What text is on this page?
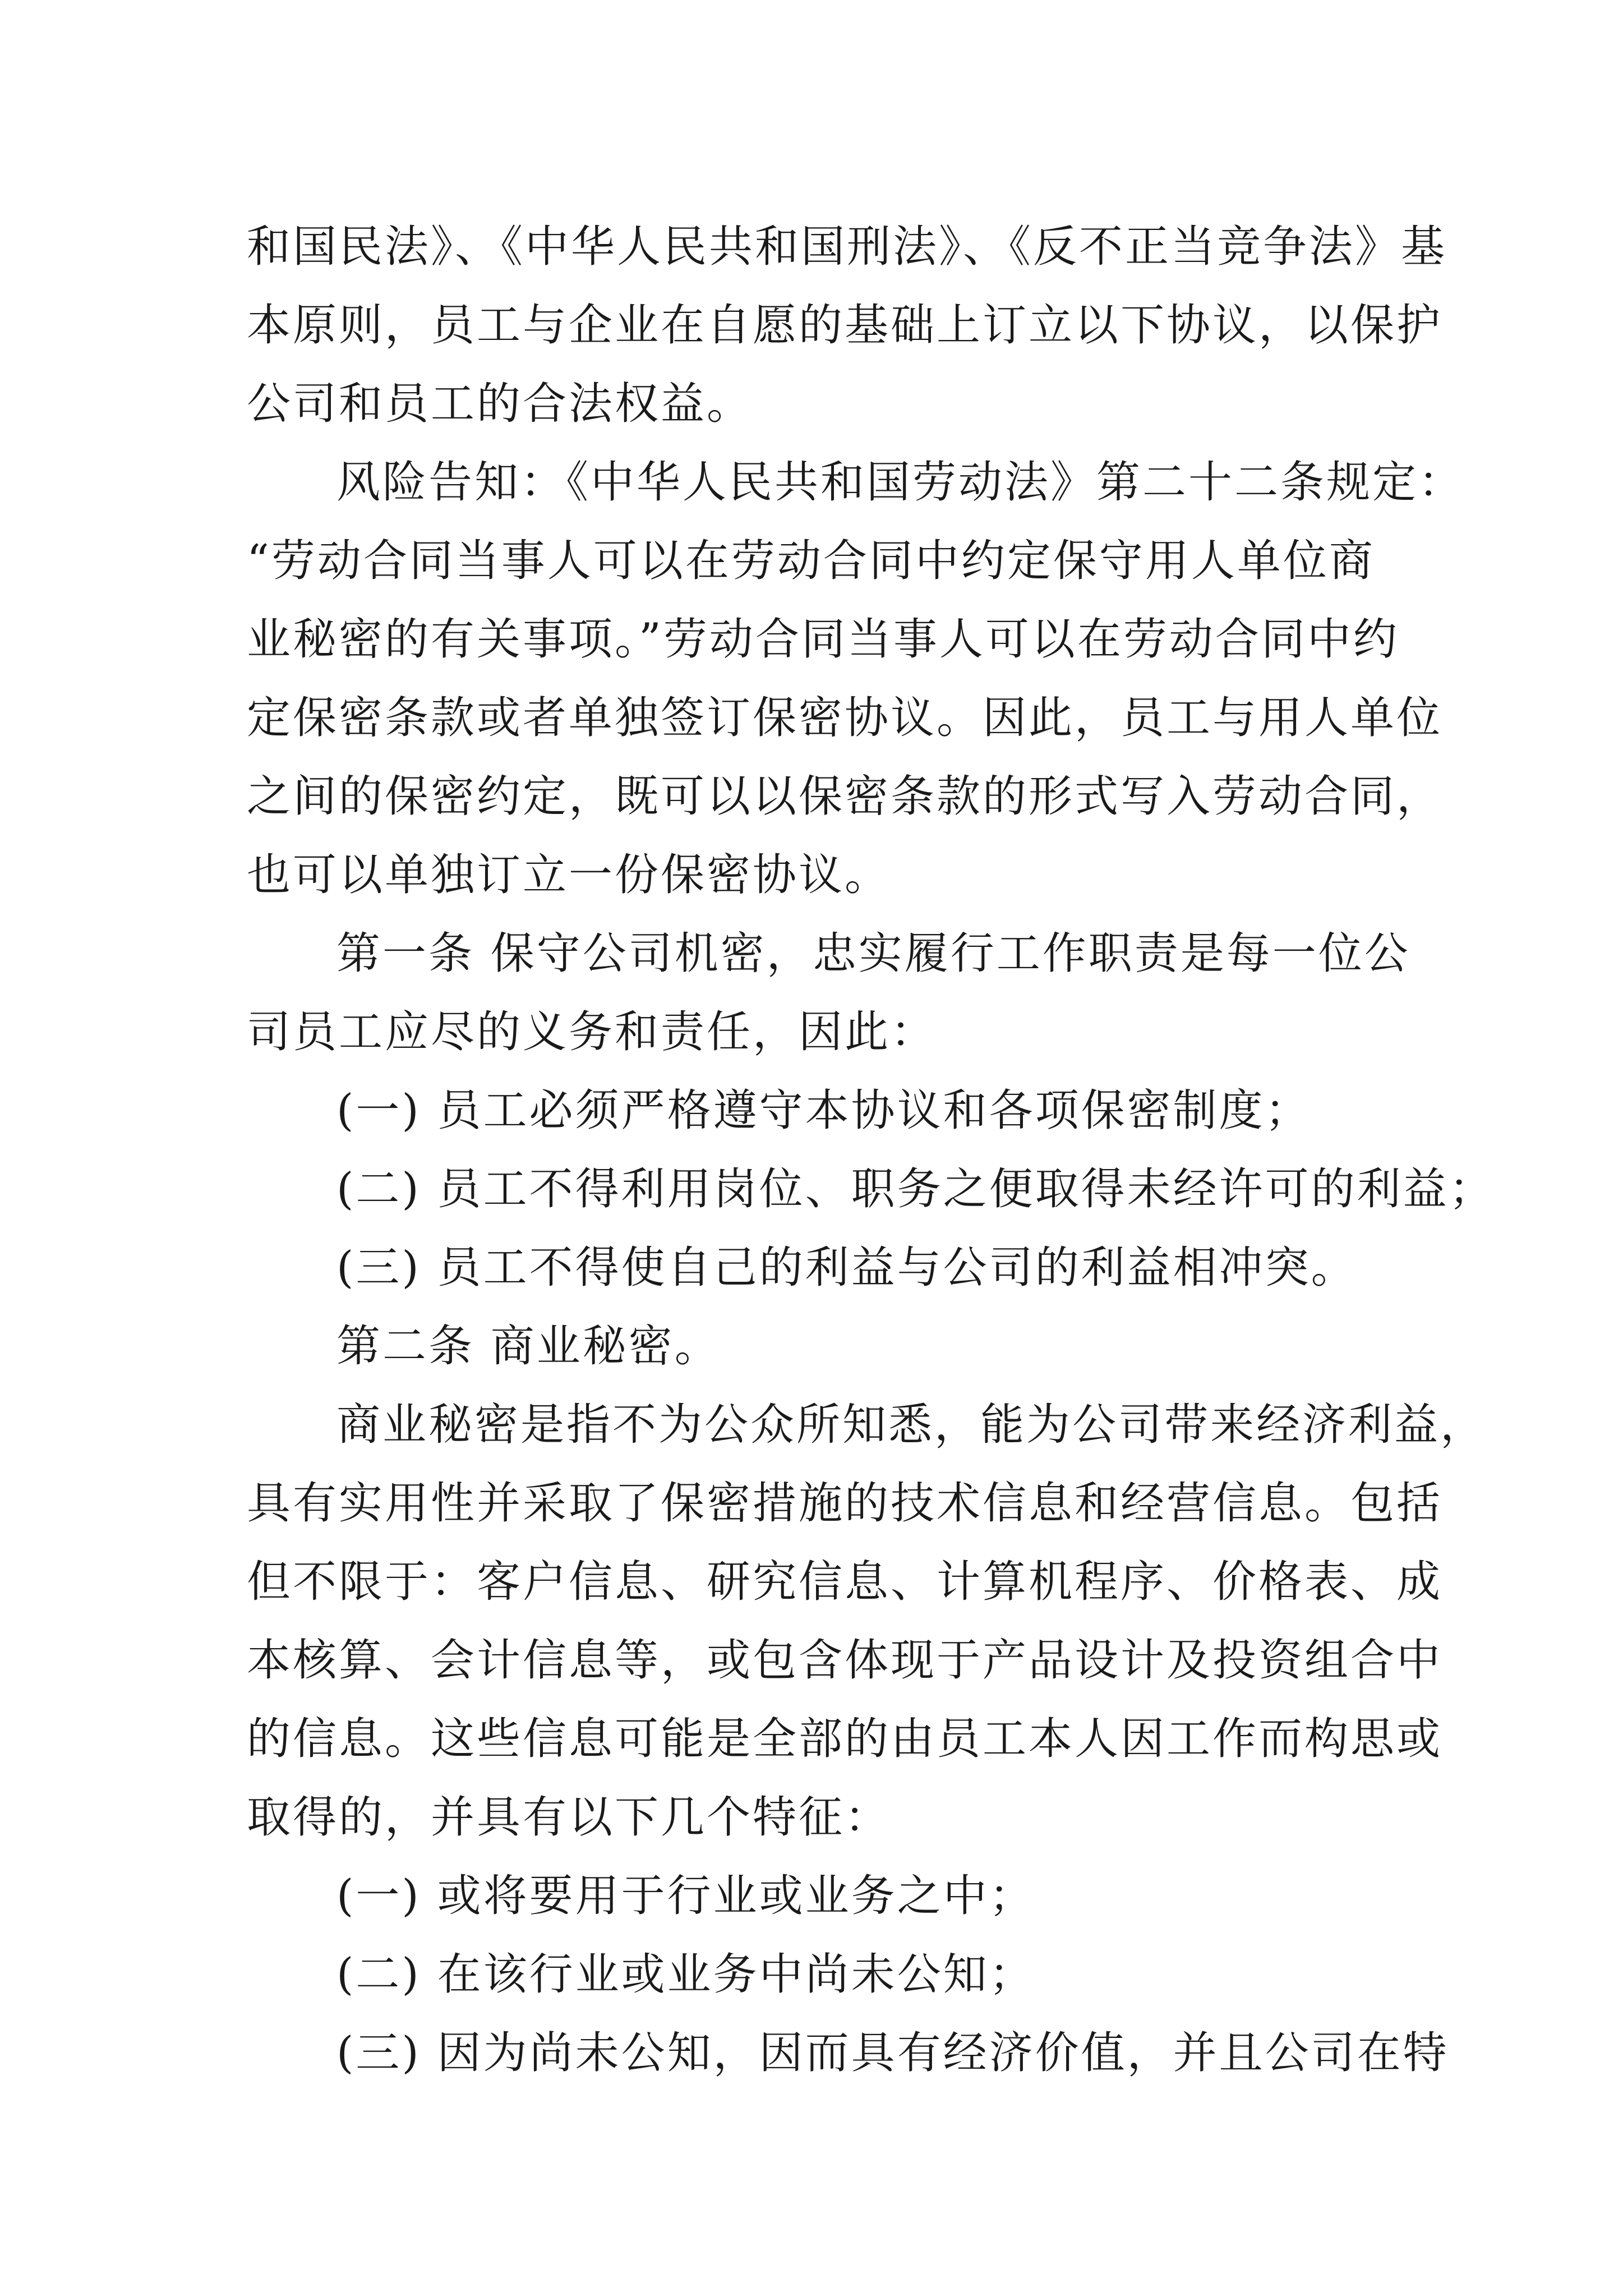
和国民法》、《中华人民共和国刑法》、《反不正当竞争法》基
本原则，员工与企业在自愿的基础上订立以下协议，以保护
公司和员工的合法权益。
风险告知：《中华人民共和国劳动法》第二十二条规定：
“劳动合同当事人可以在劳动合同中约定保守用人单位商
业秘密的有关事项。”劳动合同当事人可以在劳动合同中约
定保密条款或者单独签订保密协议。因此，员工与用人单位
之间的保密约定，既可以以保密条款的形式写入劳动合同，
也可以单独订立一份保密协议。
第一条 保守公司机密，忠实履行工作职责是每一位公
司员工应尽的义务和责任，因此：
(一) 员工必须严格遵守本协议和各项保密制度；
(二) 员工不得利用岗位、职务之便取得未经许可的利益；
(三) 员工不得使自己的利益与公司的利益相冲突。
第二条 商业秘密。
商业秘密是指不为公众所知悉，能为公司带来经济利益，
具有实用性并采取了保密措施的技术信息和经营信息。包括
但不限于：客户信息、研究信息、计算机程序、价格表、成
本核算、会计信息等，或包含体现于产品设计及投资组合中
的信息。这些信息可能是全部的由员工本人因工作而构思或
取得的，并具有以下几个特征：
(一) 或将要用于行业或业务之中；
(二) 在该行业或业务中尚未公知；
(三) 因为尚未公知，因而具有经济价值，并且公司在特
